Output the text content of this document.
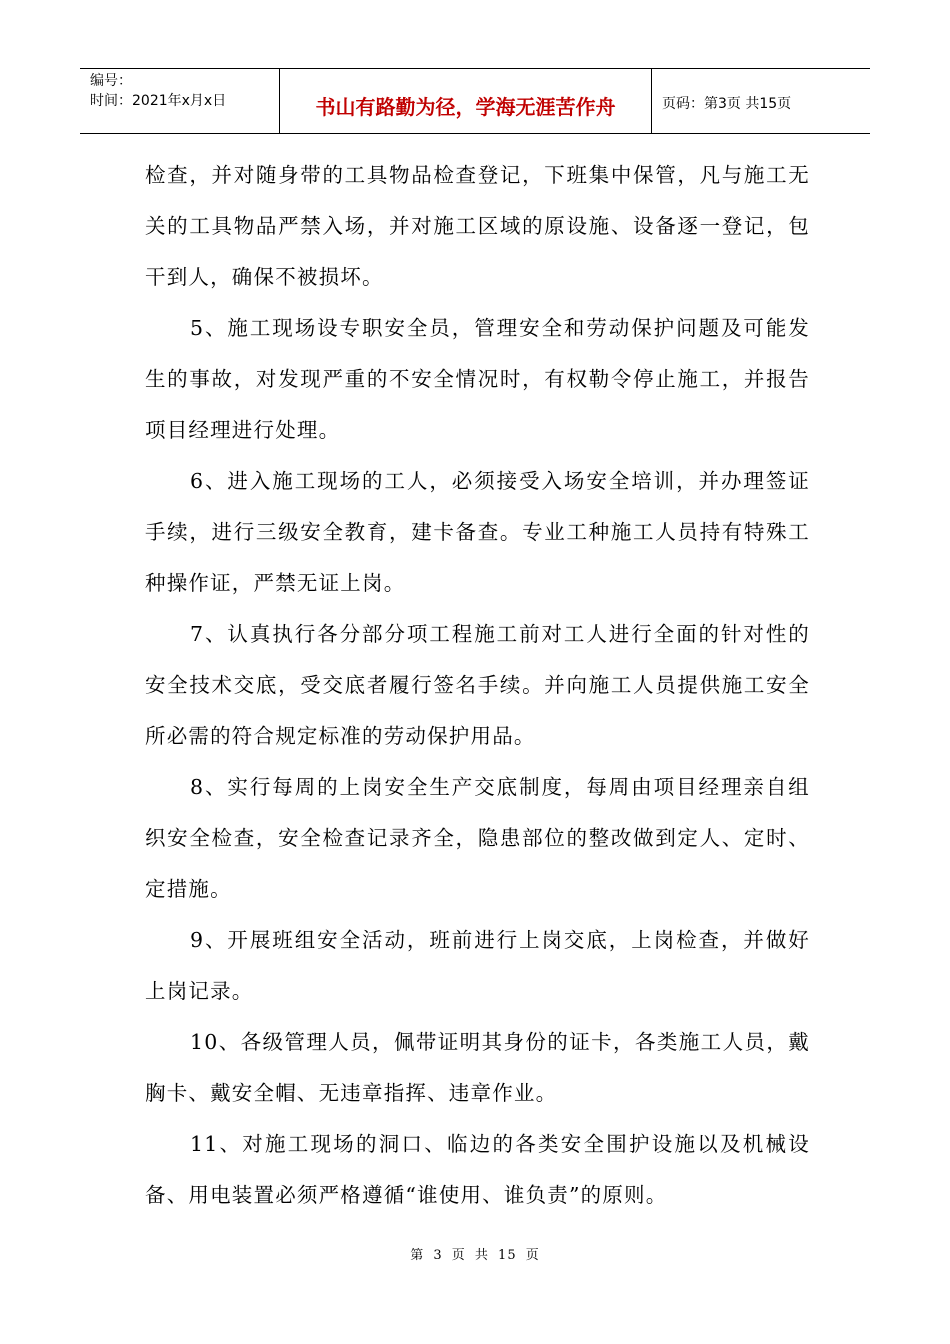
编号：
时间：2021年x月x日	书山有路勤为径，学海无涯苦作舟	页码：第3页 共15页

检查，并对随身带的工具物品检查登记，下班集中保管，凡与施工无关的工具物品严禁入场，并对施工区域的原设施、设备逐一登记，包干到人，确保不被损坏。

5、施工现场设专职安全员，管理安全和劳动保护问题及可能发生的事故，对发现严重的不安全情况时，有权勒令停止施工，并报告项目经理进行处理。

6、进入施工现场的工人，必须接受入场安全培训，并办理签证手续，进行三级安全教育，建卡备查。专业工种施工人员持有特殊工种操作证，严禁无证上岗。

7、认真执行各分部分项工程施工前对工人进行全面的针对性的安全技术交底，受交底者履行签名手续。并向施工人员提供施工安全所必需的符合规定标准的劳动保护用品。

8、实行每周的上岗安全生产交底制度，每周由项目经理亲自组织安全检查，安全检查记录齐全，隐患部位的整改做到定人、定时、定措施。

9、开展班组安全活动，班前进行上岗交底，上岗检查，并做好上岗记录。

10、各级管理人员，佩带证明其身份的证卡，各类施工人员，戴胸卡、戴安全帽、无违章指挥、违章作业。

11、对施工现场的洞口、临边的各类安全围护设施以及机械设备、用电装置必须严格遵循“谁使用、谁负责”的原则。

第 3 页 共 15 页
